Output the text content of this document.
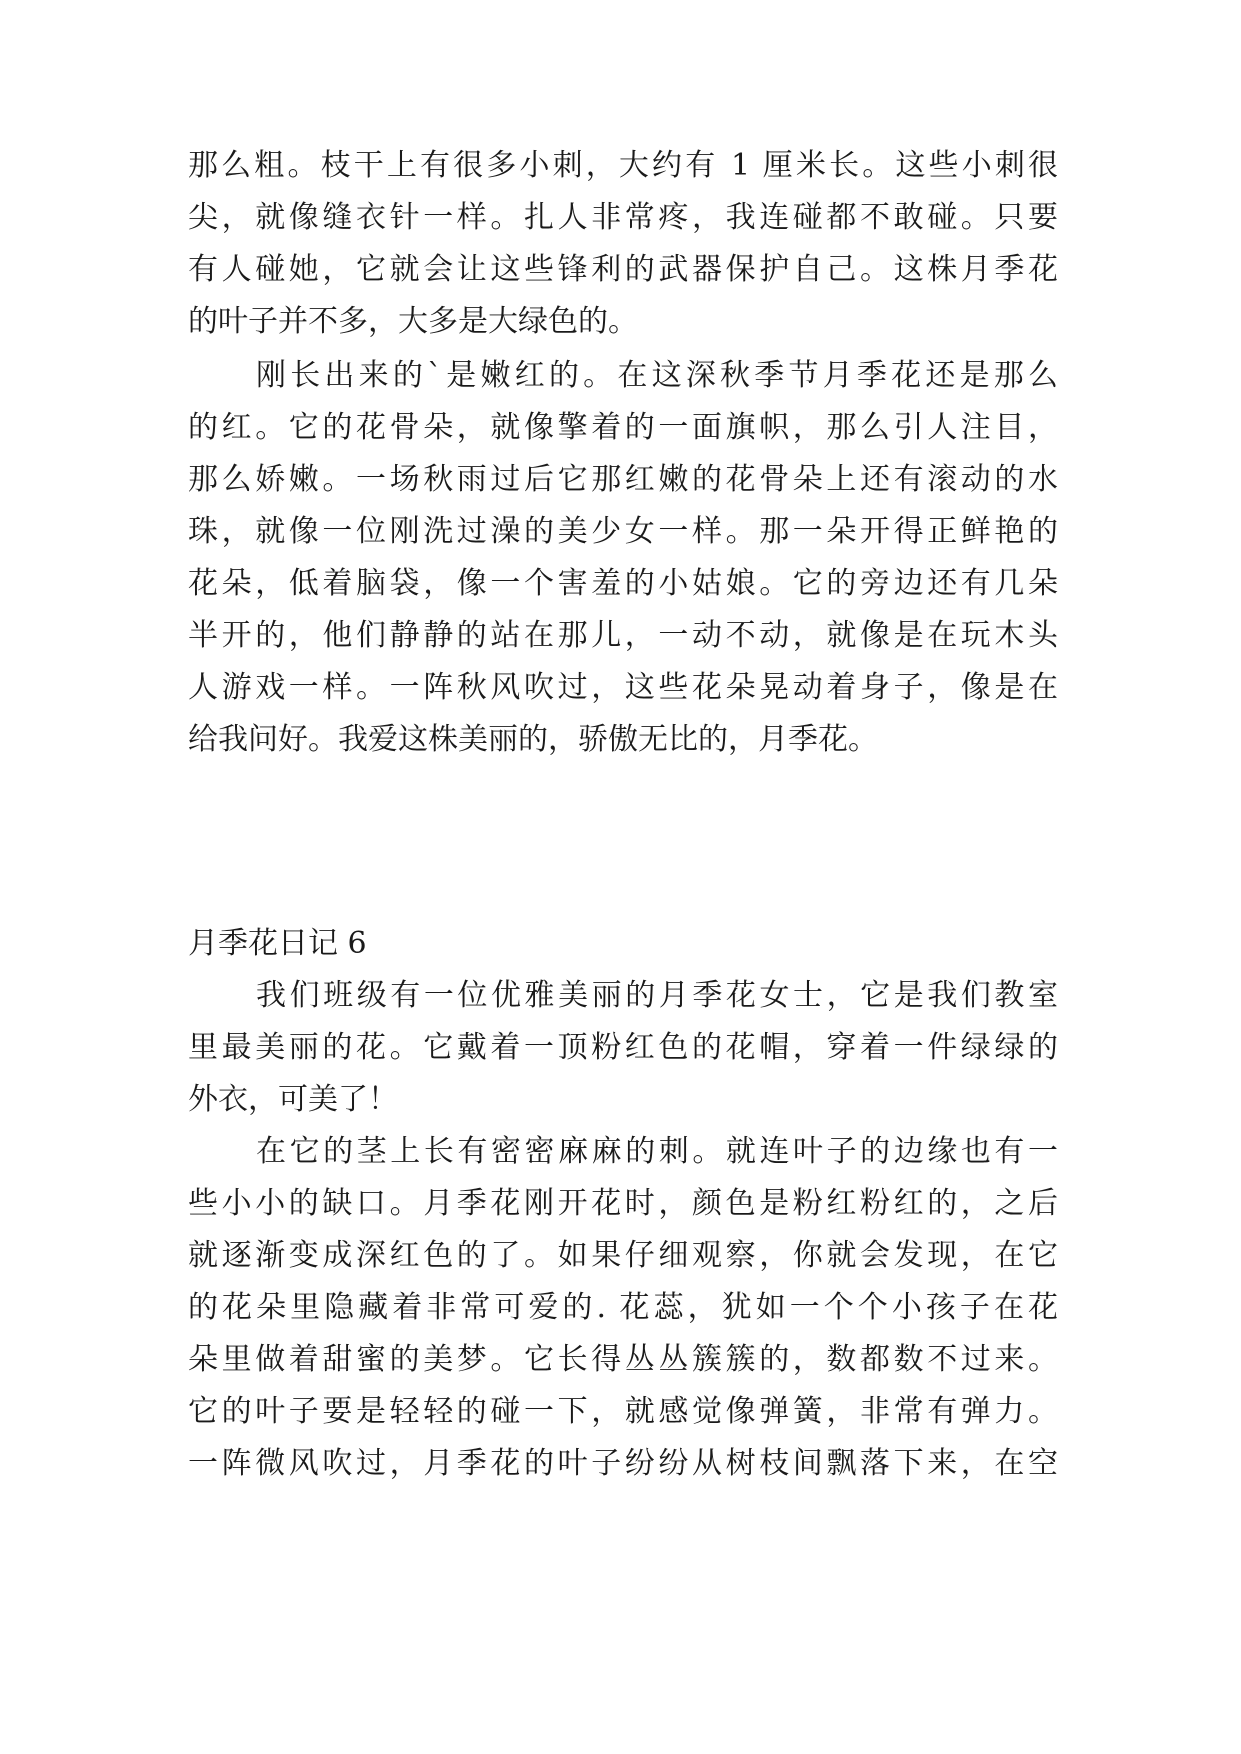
那么粗。枝干上有很多小刺，大约有 1 厘米长。这些小刺很
尖，就像缝衣针一样。扎人非常疼，我连碰都不敢碰。只要
有人碰她，它就会让这些锋利的武器保护自己。这株月季花
的叶子并不多，大多是大绿色的。
刚长出来的`是嫩红的。在这深秋季节月季花还是那么
的红。它的花骨朵，就像擎着的一面旗帜，那么引人注目，
那么娇嫩。一场秋雨过后它那红嫩的花骨朵上还有滚动的水
珠，就像一位刚洗过澡的美少女一样。那一朵开得正鲜艳的
花朵，低着脑袋，像一个害羞的小姑娘。它的旁边还有几朵
半开的，他们静静的站在那儿，一动不动，就像是在玩木头
人游戏一样。一阵秋风吹过，这些花朵晃动着身子，像是在
给我问好。我爱这株美丽的，骄傲无比的，月季花。
月季花日记 6
我们班级有一位优雅美丽的月季花女士，它是我们教室
里最美丽的花。它戴着一顶粉红色的花帽，穿着一件绿绿的
外衣，可美了！
在它的茎上长有密密麻麻的刺。就连叶子的边缘也有一
些小小的缺口。月季花刚开花时，颜色是粉红粉红的，之后
就逐渐变成深红色的了。如果仔细观察，你就会发现，在它
的花朵里隐藏着非常可爱的. 花蕊，犹如一个个小孩子在花
朵里做着甜蜜的美梦。它长得丛丛簇簇的，数都数不过来。
它的叶子要是轻轻的碰一下，就感觉像弹簧，非常有弹力。
一阵微风吹过，月季花的叶子纷纷从树枝间飘落下来，在空
